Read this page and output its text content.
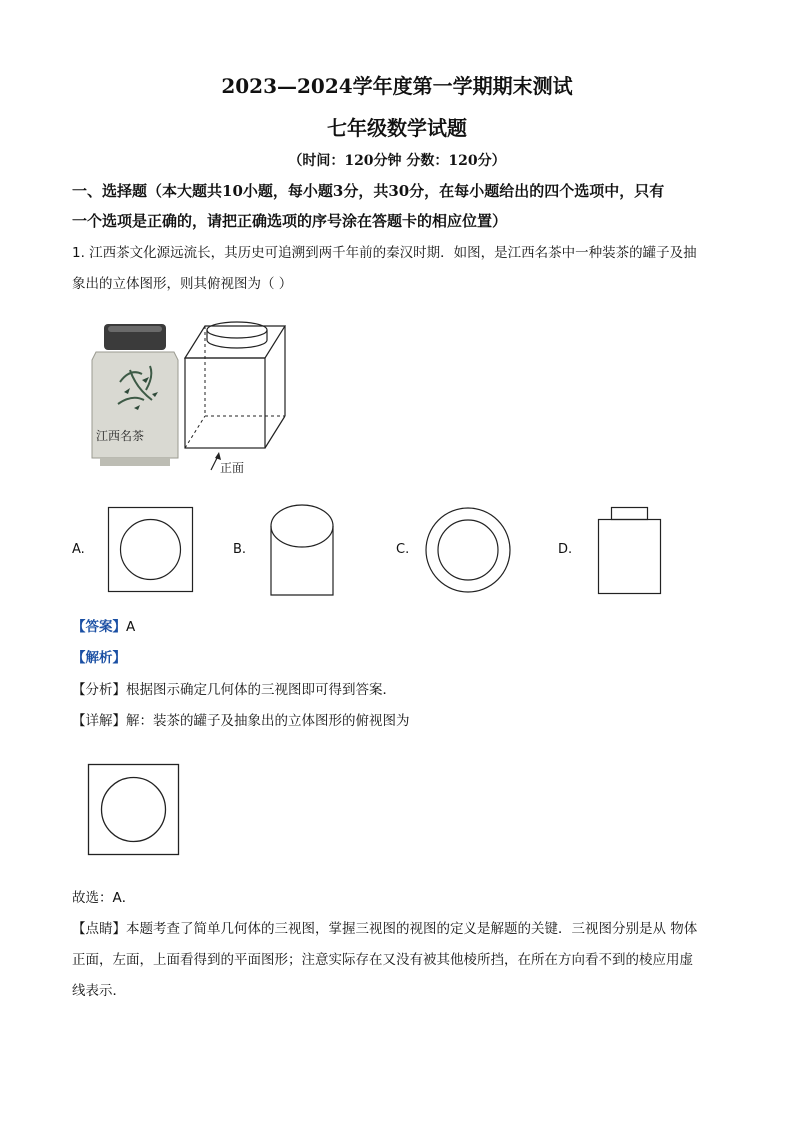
2023—2024学年度第一学期期末测试
七年级数学试题
（时间：120分钟 分数：120分）
一、选择题（本大题共10小题，每小题3分，共30分，在每小题给出的四个选项中，只有
一个选项是正确的，请把正确选项的序号涂在答题卡的相应位置）
1. 江西茶文化源远流长，其历史可追溯到两千年前的秦汉时期．如图，是江西名茶中一种装茶的罐子及抽
象出的立体图形，则其俯视图为（ ）
江西名茶
正面
A.	B.	C.	D.
【答案】A
【解析】
【分析】根据图示确定几何体的三视图即可得到答案．
【详解】解：装茶的罐子及抽象出的立体图形的俯视图为
故选：A．
【点睛】本题考查了简单几何体的三视图，掌握三视图的视图的定义是解题的关键．三视图分别是从 物体
正面，左面，上面看得到的平面图形；注意实际存在又没有被其他棱所挡，在所在方向看不到的棱应用虚
线表示．
